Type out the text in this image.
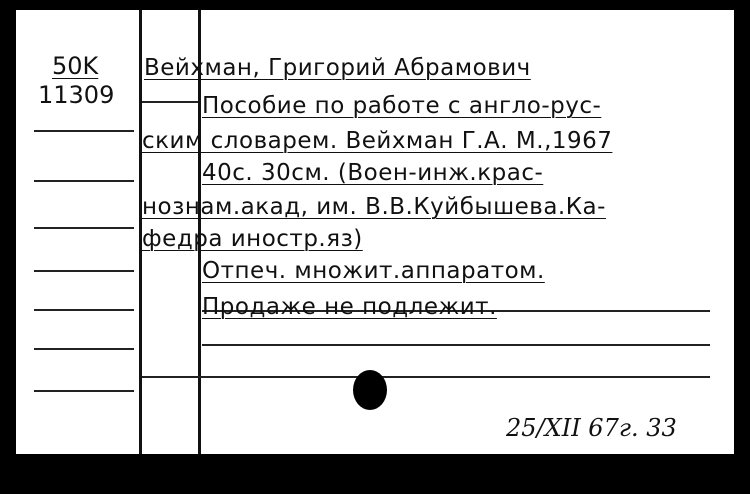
50K
11309
Вейхман, Григорий Абрамович
Пособие по работе с англо-рус-
ским словарем. Вейхман Г.А. М.,1967
40с. 30см. (Воен-инж.крас-
нознам.акад, им. В.В.Куйбышева.Ка-
федра иностр.яз)
Отпеч. множит.аппаратом.
Продаже не подлежит.
25/XII 67г. 33
